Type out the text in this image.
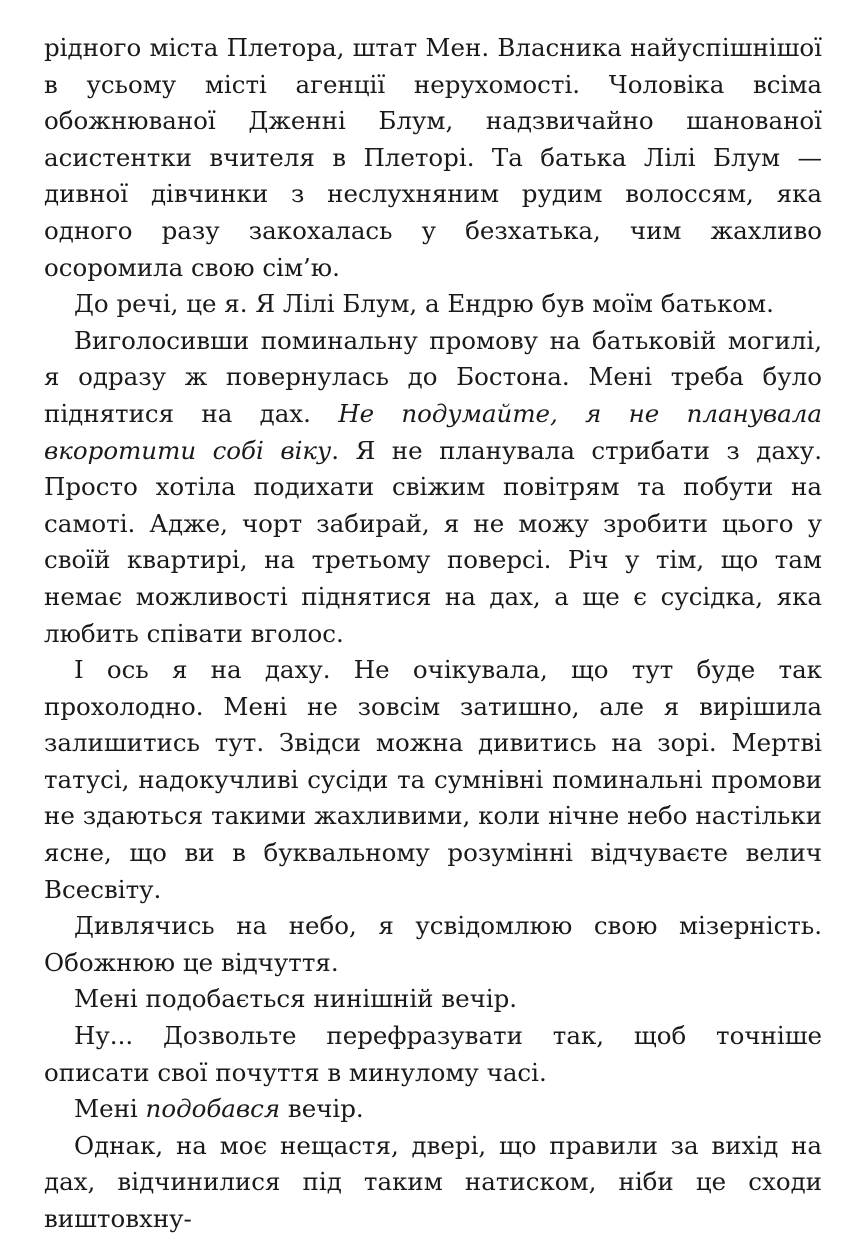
рідного міста Плетора, штат Мен. Власника найуспішнішої в усьому місті агенції нерухомості. Чоловіка всіма обожнюваної Дженні Блум, надзвичайно шанованої асистентки вчителя в Плеторі. Та батька Лілі Блум — дивної дівчинки з неслухняним рудим волоссям, яка одного разу закохалась у безхатька, чим жахливо осоромила свою сім’ю.

До речі, це я. Я Лілі Блум, а Ендрю був моїм батьком.

Виголосивши поминальну промову на батьковій могилі, я одразу ж повернулась до Бостона. Мені треба було піднятися на дах. Не подумайте, я не планувала вкоротити собі віку. Я не планувала стрибати з даху. Просто хотіла подихати свіжим повітрям та побути на самоті. Адже, чорт забирай, я не можу зробити цього у своїй квартирі, на третьому поверсі. Річ у тім, що там немає можливості піднятися на дах, а ще є сусідка, яка любить співати вголос.

І ось я на даху. Не очікувала, що тут буде так прохолодно. Мені не зовсім затишно, але я вирішила залишитись тут. Звідси можна дивитись на зорі. Мертві татусі, надокучливі сусіди та сумнівні поминальні промови не здаються такими жахливими, коли нічне небо настільки ясне, що ви в буквальному розумінні відчуваєте велич Всесвіту.

Дивлячись на небо, я усвідомлюю свою мізерність. Обожнюю це відчуття.

Мені подобається нинішній вечір.

Ну... Дозвольте перефразувати так, щоб точніше описати свої почуття в минулому часі.

Мені подобався вечір.

Однак, на моє нещастя, двері, що правили за вихід на дах, відчинилися під таким натиском, ніби це сходи виштовхну-
